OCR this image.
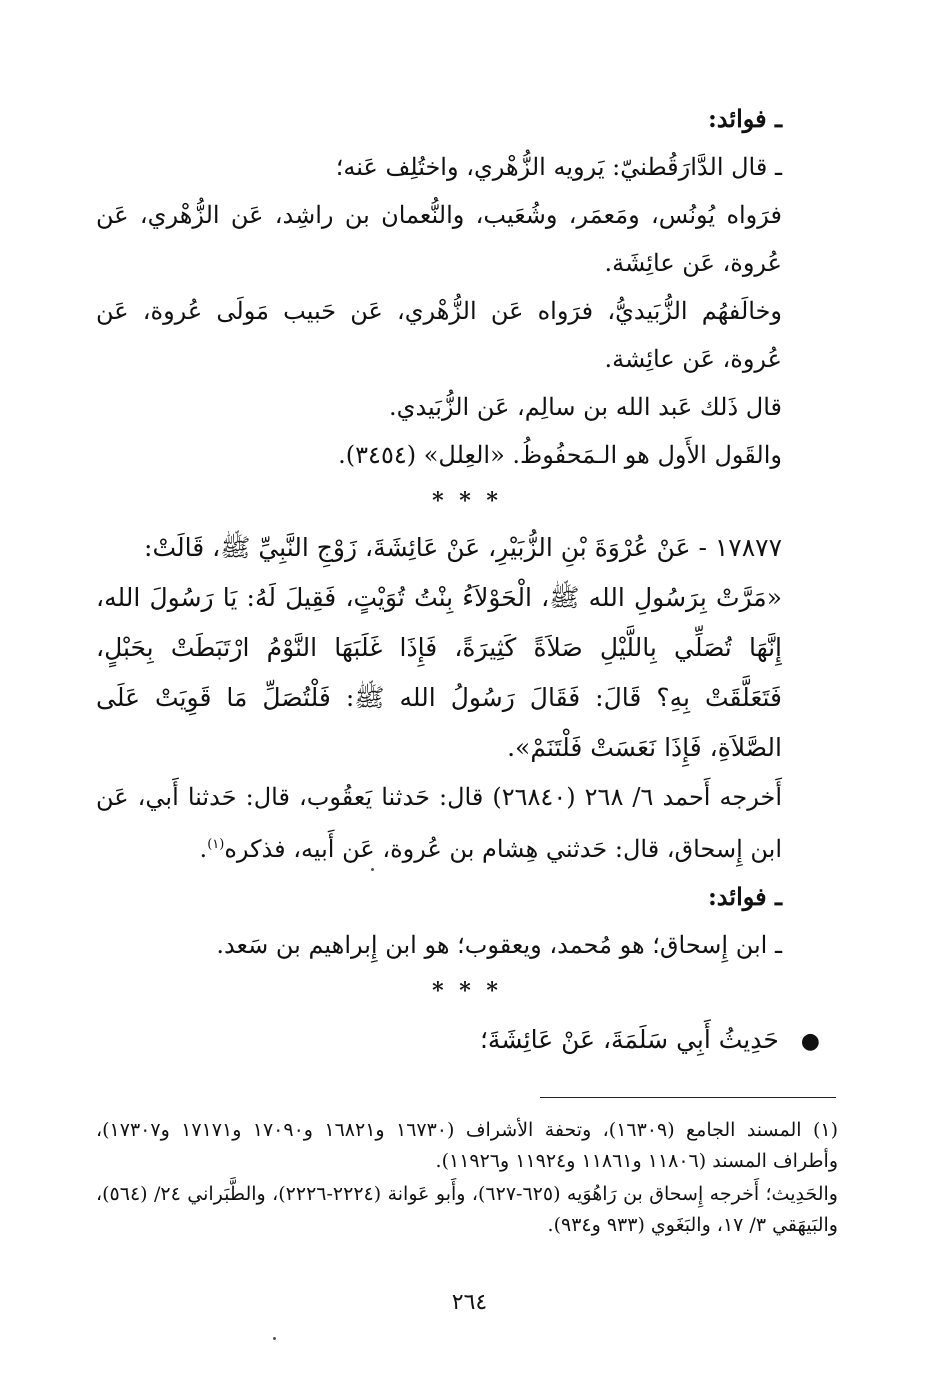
ـ فوائد:
ـ قال الدَّارَقُطنيّ: يَرويه الزُّهْري، واختُلِف عَنه؛
فرَواه يُونُس، ومَعمَر، وشُعَيب، والنُّعمان بن راشِد، عَن الزُّهْري، عَن عُروة، عَن عائِشَة.
وخالَفهُم الزُّبَيديُّ، فرَواه عَن الزُّهْري، عَن حَبيب مَولَى عُروة، عَن عُروة، عَن عائِشة.
قال ذَلك عَبد الله بن سالِم، عَن الزُّبَيدي.
والقَول الأَول هو الـمَحفُوظُ. «العِلل» (٣٤٥٤).
* * *
١٧٨٧٧ - عَنْ عُرْوَةَ بْنِ الزُّبَيْرِ، عَنْ عَائِشَةَ، زَوْجِ النَّبِيِّ ﷺ، قَالَتْ:
«مَرَّتْ بِرَسُولِ الله ﷺ، الْحَوْلاَءُ بِنْتُ تُوَيْتٍ، فَقِيلَ لَهُ: يَا رَسُولَ الله، إِنَّهَا تُصَلِّي بِاللَّيْلِ صَلاَةً كَثِيرَةً، فَإِذَا غَلَبَهَا النَّوْمُ ارْتَبَطَتْ بِحَبْلٍ، فَتَعَلَّقَتْ بِهِ؟ قَالَ: فَقَالَ رَسُولُ الله ﷺ: فَلْتُصَلِّ مَا قَوِيَتْ عَلَى الصَّلاَةِ، فَإِذَا نَعَسَتْ فَلْتَنَمْ».
أَخرجه أَحمد ٦/ ٢٦٨ (٢٦٨٤٠) قال: حَدثنا يَعقُوب، قال: حَدثنا أَبي، عَن ابن إِسحاق، قال: حَدثني هِشام بن عُروة، عَن أَبيه، فذكره$^{(١)}$.
ـ فوائد:
ـ ابن إِسحاق؛ هو مُحمد، ويعقوب؛ هو ابن إِبراهيم بن سَعد.
* * *
● حَدِيثُ أَبِي سَلَمَةَ، عَنْ عَائِشَةَ؛

(١) المسند الجامع (١٦٣٠٩)، وتحفة الأشراف (١٦٧٣٠ و١٦٨٢١ و١٧٠٩٠ و١٧١٧١ و١٧٣٠٧)، وأطراف المسند (١١٨٠٦ و١١٨٦١ و١١٩٢٤ و١١٩٢٦).

والحَدِيث؛ أَخرجه إِسحاق بن رَاهُوَيه (٦٢٥-٦٢٧)، وأَبو عَوانة (٢٢٢٤-٢٢٢٦)، والطَّبَراني ٢٤/ (٥٦٤)، والبَيهَقي ٣/ ١٧، والبَغَوي (٩٣٣ و٩٣٤).

٢٦٤
